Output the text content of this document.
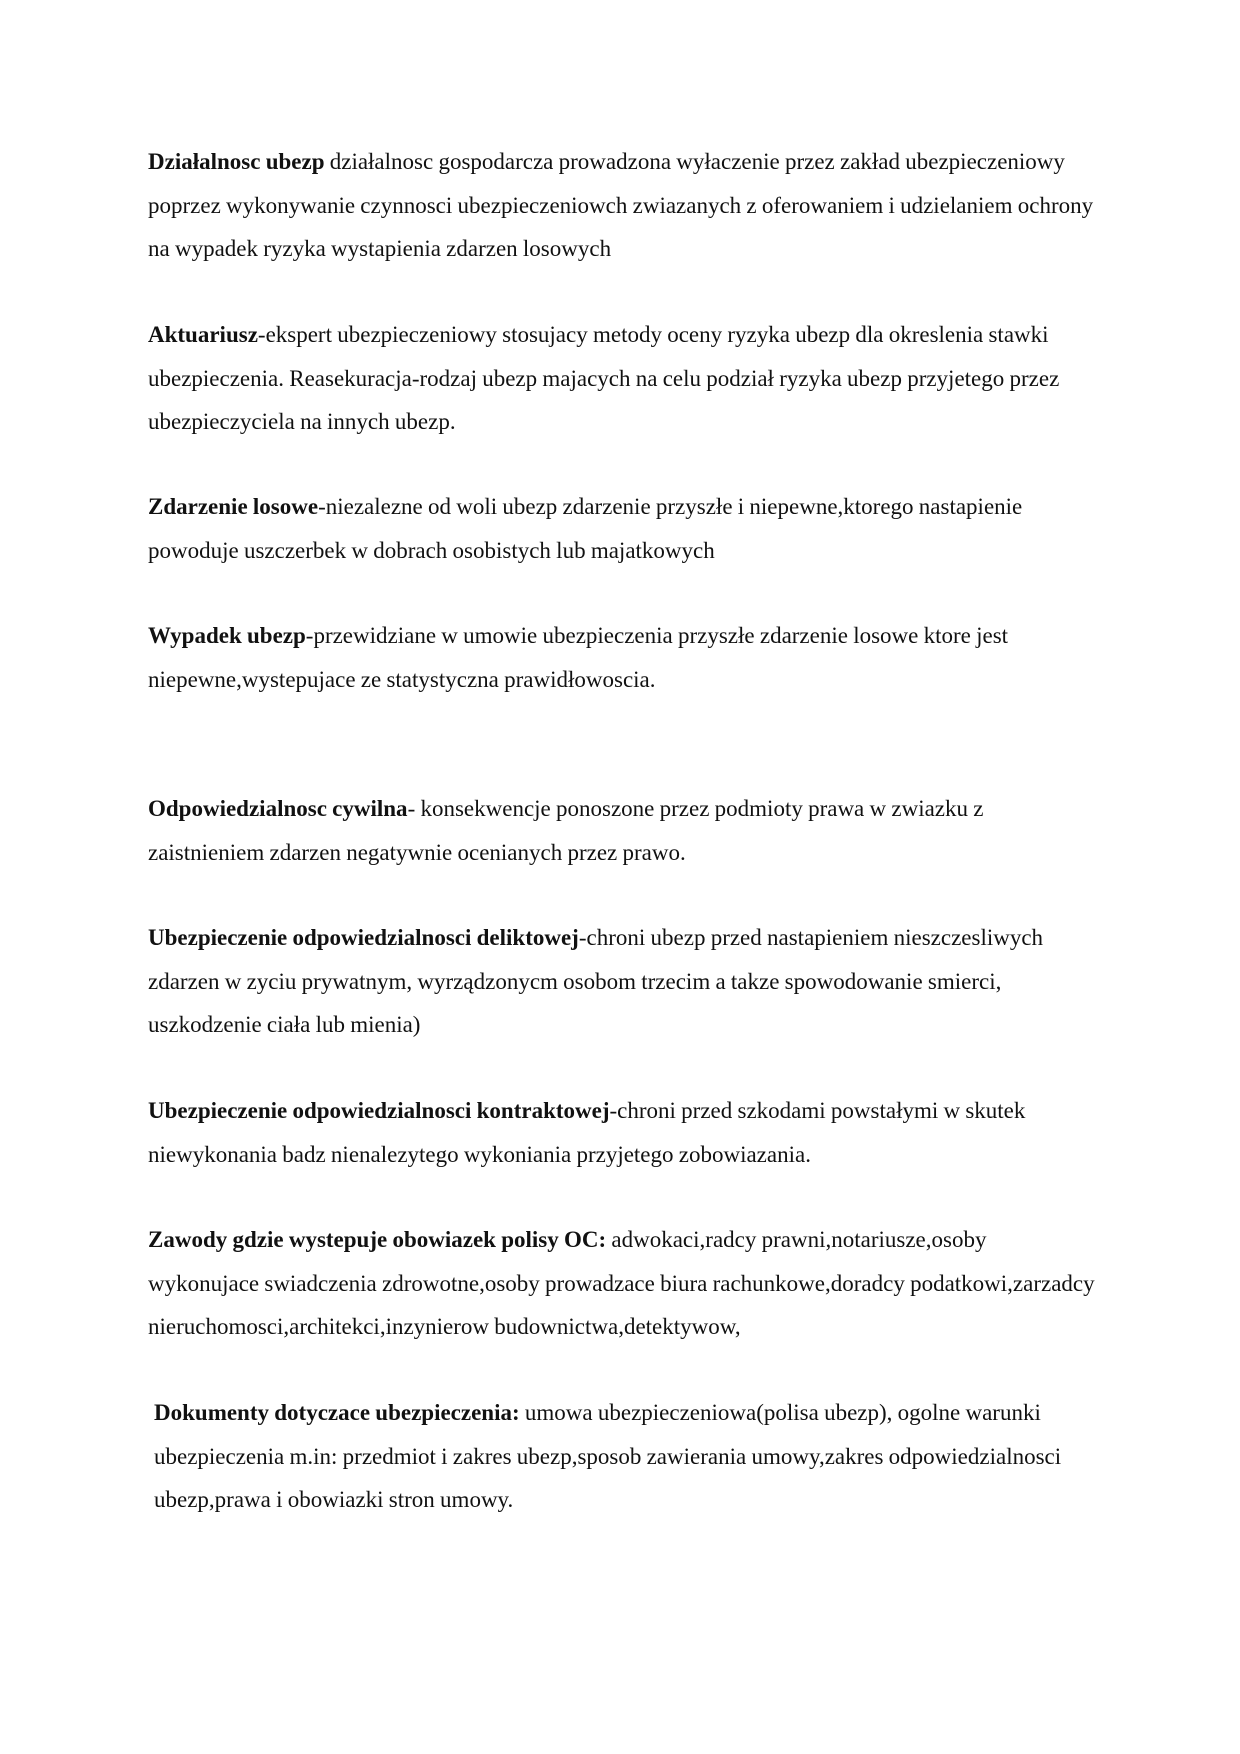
Działalnosc ubezp działalnosc gospodarcza prowadzona wyłaczenie przez zakład ubezpieczeniowy poprzez wykonywanie czynnosci ubezpieczeniowch zwiazanych z oferowaniem i udzielaniem ochrony na wypadek ryzyka wystapienia zdarzen losowych

Aktuariusz-ekspert ubezpieczeniowy stosujacy metody oceny ryzyka ubezp dla okreslenia stawki ubezpieczenia. Reasekuracja-rodzaj ubezp majacych na celu podział ryzyka ubezp przyjetego przez ubezpieczyciela na innych ubezp.

Zdarzenie losowe-niezalezne od woli ubezp zdarzenie przyszłe i niepewne,ktorego nastapienie powoduje uszczerbek w dobrach osobistych lub majatkowych

Wypadek ubezp-przewidziane w umowie ubezpieczenia przyszłe zdarzenie losowe ktore jest niepewne,wystepujace ze statystyczna prawidłowoscia.

Odpowiedzialnosc cywilna- konsekwencje ponoszone przez podmioty prawa w zwiazku z zaistnieniem zdarzen negatywnie ocenianych przez prawo.

Ubezpieczenie odpowiedzialnosci deliktowej-chroni ubezp przed nastapieniem nieszczesliwych zdarzen w zyciu prywatnym, wyrządzonycm osobom trzecim a takze spowodowanie smierci, uszkodzenie ciała lub mienia)

Ubezpieczenie odpowiedzialnosci kontraktowej-chroni przed szkodami powstałymi w skutek niewykonania badz nienalezytego wykoniania przyjetego zobowiazania.

Zawody gdzie wystepuje obowiazek polisy OC: adwokaci,radcy prawni,notariusze,osoby wykonujace swiadczenia zdrowotne,osoby prowadzace biura rachunkowe,doradcy podatkowi,zarzadcy nieruchomosci,architekci,inzynierow budownictwa,detektywow,

Dokumenty dotyczace ubezpieczenia: umowa ubezpieczeniowa(polisa ubezp), ogolne warunki ubezpieczenia m.in: przedmiot i zakres ubezp,sposob zawierania umowy,zakres odpowiedzialnosci ubezp,prawa i obowiazki stron umowy.
